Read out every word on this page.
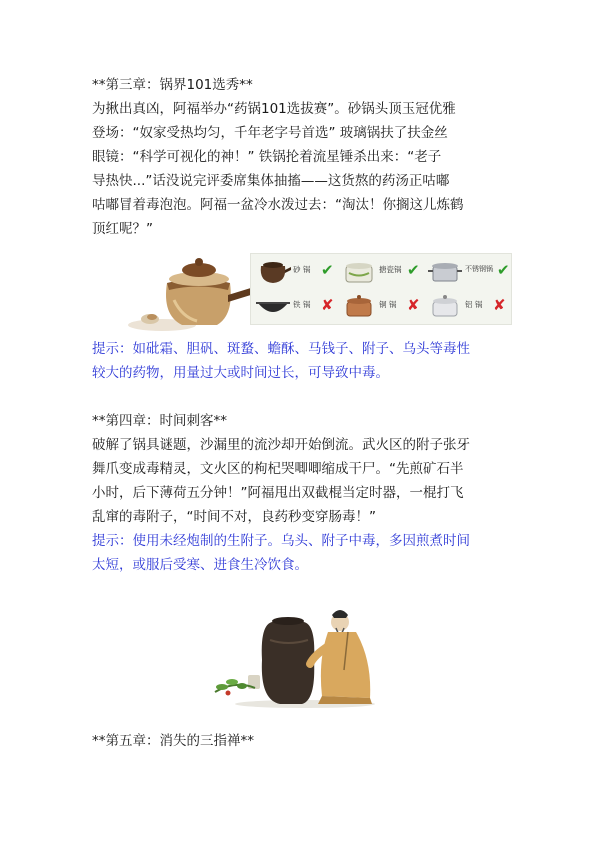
**第三章：锅界101选秀**
为揪出真凶，阿福举办“药锅101选拔赛”。砂锅头顶玉冠优雅
登场：“奴家受热均匀，千年老字号首选” 玻璃锅扶了扶金丝
眼镜：“科学可视化的神！” 铁锅抡着流星锤杀出来：“老子
导热快...”话没说完评委席集体抽搐——这货熬的药汤正咕嘟
咕嘟冒着毒泡泡。阿福一盆冷水泼过去：“淘汰！你搁这儿炼鹤
顶红呢？”
砂 锅 ✔	搪瓷锅 ✔	不锈钢锅 ✔
铁 锅 ✘	铜 锅 ✘	铝 锅 ✘
提示：如砒霜、胆矾、斑蝥、蟾酥、马钱子、附子、乌头等毒性
较大的药物，用量过大或时间过长，可导致中毒。
**第四章：时间刺客**
破解了锅具谜题，沙漏里的流沙却开始倒流。武火区的附子张牙
舞爪变成毒精灵，文火区的枸杞哭唧唧缩成干尸。“先煎矿石半
小时，后下薄荷五分钟！”阿福甩出双截棍当定时器，一棍打飞
乱窜的毒附子，“时间不对，良药秒变穿肠毒！”
提示：使用未经炮制的生附子。乌头、附子中毒，多因煎煮时间
太短，或服后受寒、进食生冷饮食。
**第五章：消失的三指禅**
